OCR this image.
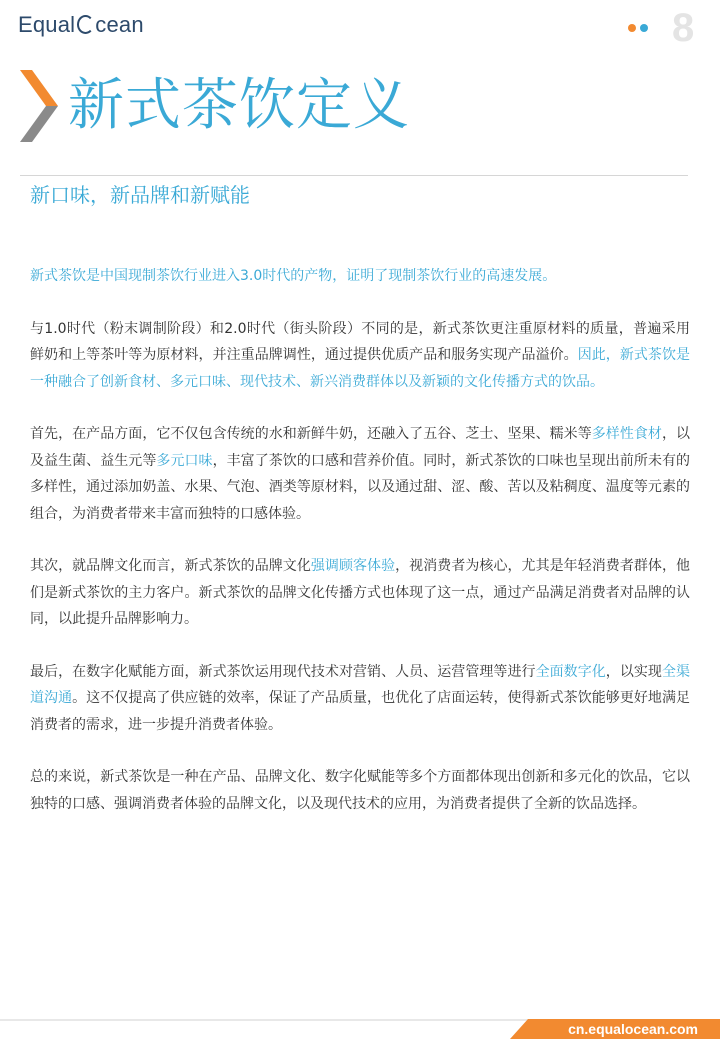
Equal cean	8
新式茶饮定义
新口味，新品牌和新赋能

新式茶饮是中国现制茶饮行业进入3.0时代的产物，证明了现制茶饮行业的高速发展。

与1.0时代（粉末调制阶段）和2.0时代（街头阶段）不同的是，新式茶饮更注重原材料的质量，普遍采用鲜奶和上等茶叶等为原材料，并注重品牌调性，通过提供优质产品和服务实现产品溢价。因此，新式茶饮是一种融合了创新食材、多元口味、现代技术、新兴消费群体以及新颖的文化传播方式的饮品。

首先，在产品方面，它不仅包含传统的水和新鲜牛奶，还融入了五谷、芝士、坚果、糯米等多样性食材，以及益生菌、益生元等多元口味，丰富了茶饮的口感和营养价值。同时，新式茶饮的口味也呈现出前所未有的多样性，通过添加奶盖、水果、气泡、酒类等原材料，以及通过甜、涩、酸、苦以及粘稠度、温度等元素的组合，为消费者带来丰富而独特的口感体验。

其次，就品牌文化而言，新式茶饮的品牌文化强调顾客体验，视消费者为核心，尤其是年轻消费者群体，他们是新式茶饮的主力客户。新式茶饮的品牌文化传播方式也体现了这一点，通过产品满足消费者对品牌的认同，以此提升品牌影响力。

最后，在数字化赋能方面，新式茶饮运用现代技术对营销、人员、运营管理等进行全面数字化，以实现全渠道沟通。这不仅提高了供应链的效率，保证了产品质量，也优化了店面运转，使得新式茶饮能够更好地满足消费者的需求，进一步提升消费者体验。

总的来说，新式茶饮是一种在产品、品牌文化、数字化赋能等多个方面都体现出创新和多元化的饮品，它以独特的口感、强调消费者体验的品牌文化，以及现代技术的应用，为消费者提供了全新的饮品选择。

cn.equalocean.com
